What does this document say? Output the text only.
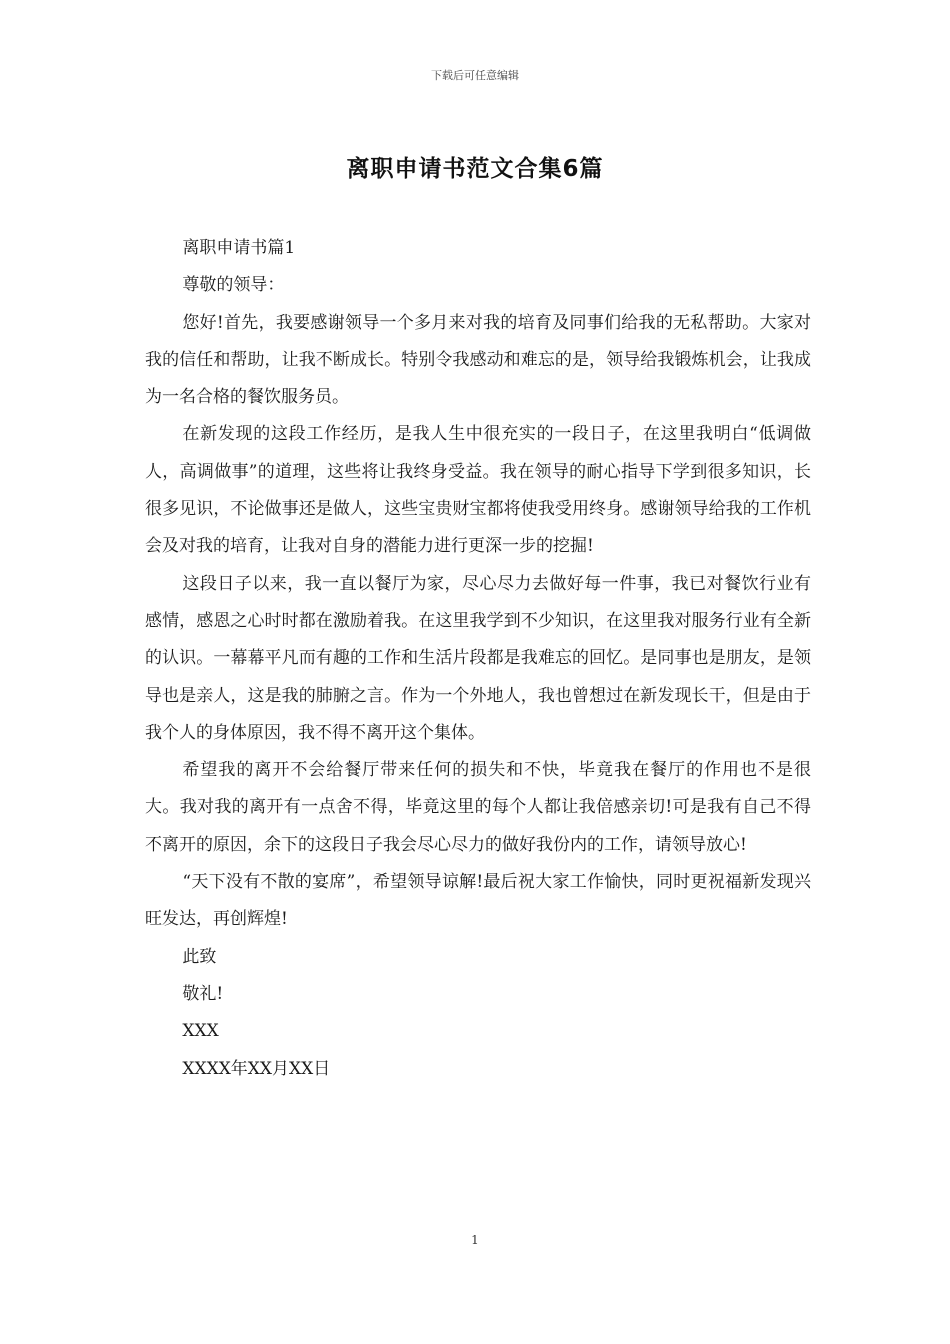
下载后可任意编辑
离职申请书范文合集6篇

离职申请书篇1

尊敬的领导：

您好!首先，我要感谢领导一个多月来对我的培育及同事们给我的无私帮助。大家对我的信任和帮助，让我不断成长。特别令我感动和难忘的是，领导给我锻炼机会，让我成为一名合格的餐饮服务员。

在新发现的这段工作经历，是我人生中很充实的一段日子，在这里我明白“低调做人，高调做事”的道理，这些将让我终身受益。我在领导的耐心指导下学到很多知识，长很多见识，不论做事还是做人，这些宝贵财宝都将使我受用终身。感谢领导给我的工作机会及对我的培育，让我对自身的潜能力进行更深一步的挖掘!

这段日子以来，我一直以餐厅为家，尽心尽力去做好每一件事，我已对餐饮行业有感情，感恩之心时时都在激励着我。在这里我学到不少知识，在这里我对服务行业有全新的认识。一幕幕平凡而有趣的工作和生活片段都是我难忘的回忆。是同事也是朋友，是领导也是亲人，这是我的肺腑之言。作为一个外地人，我也曾想过在新发现长干，但是由于我个人的身体原因，我不得不离开这个集体。

希望我的离开不会给餐厅带来任何的损失和不快，毕竟我在餐厅的作用也不是很大。我对我的离开有一点舍不得，毕竟这里的每个人都让我倍感亲切!可是我有自己不得不离开的原因，余下的这段日子我会尽心尽力的做好我份内的工作，请领导放心!

“天下没有不散的宴席”，希望领导谅解!最后祝大家工作愉快，同时更祝福新发现兴旺发达，再创辉煌!

此致

敬礼!

XXX

XXXX年XX月XX日

1
